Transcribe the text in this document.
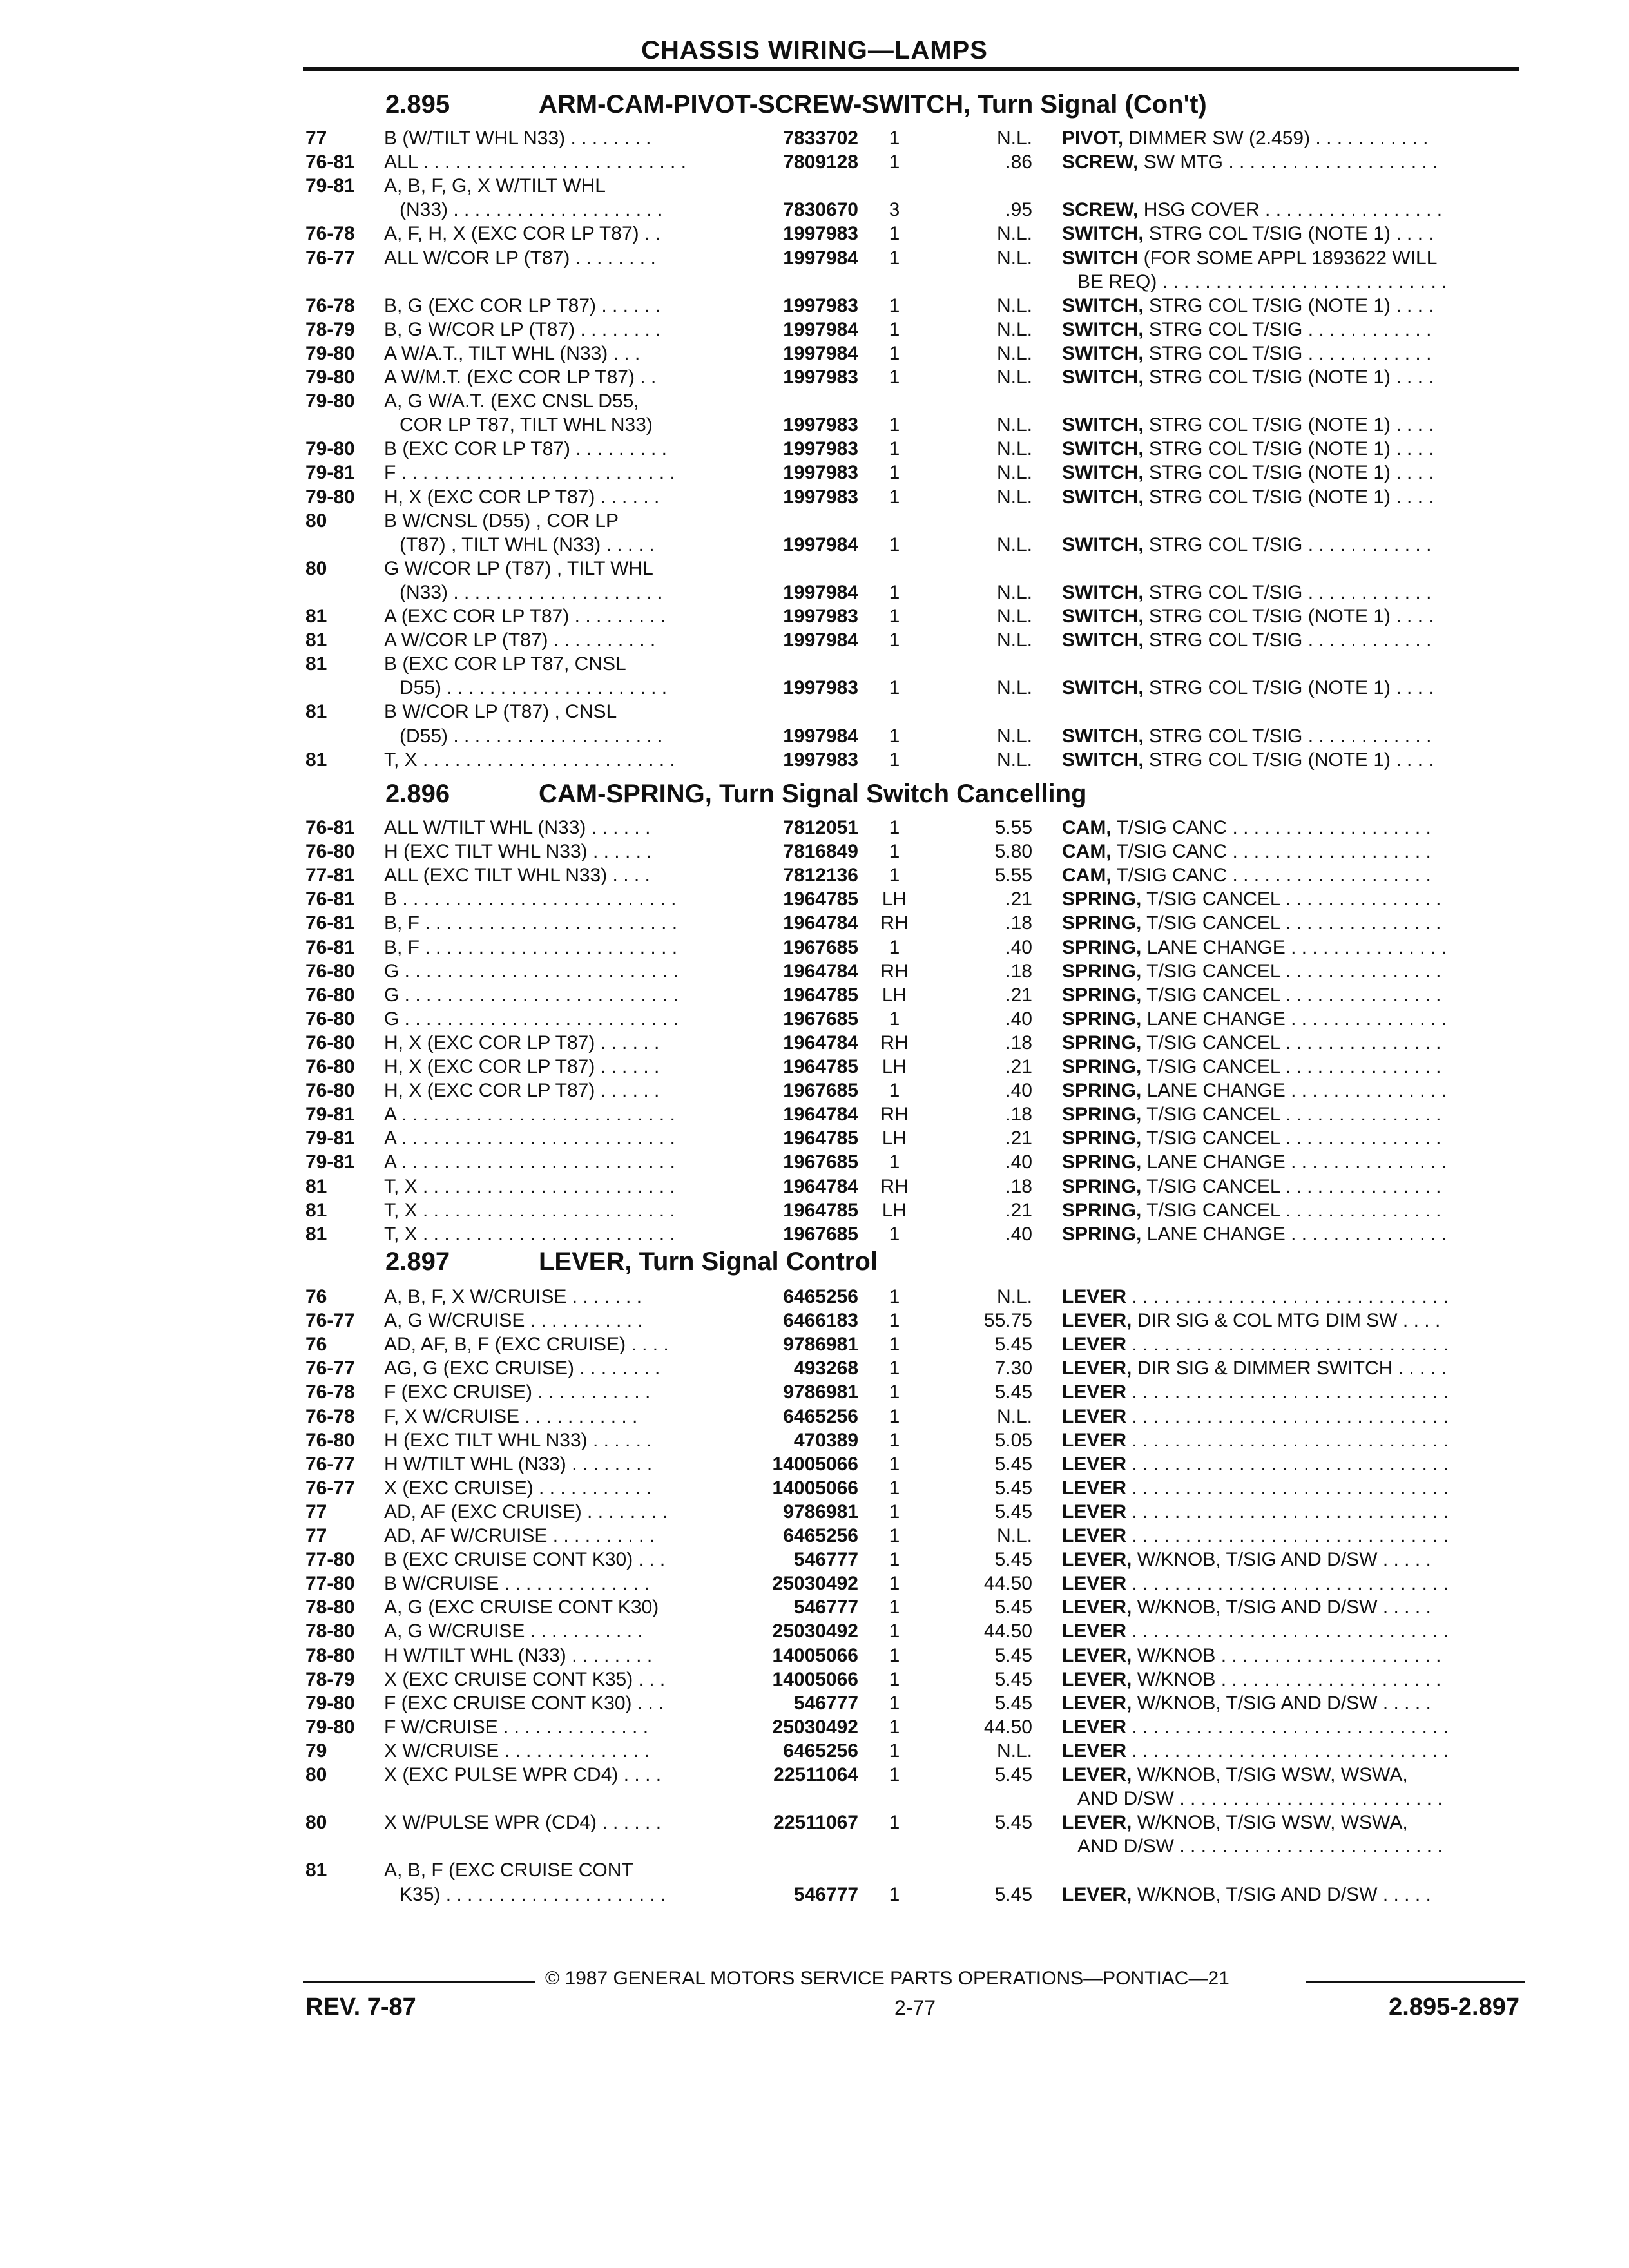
CHASSIS WIRING—LAMPS
2.895	ARM-CAM-PIVOT-SCREW-SWITCH, Turn Signal (Con't)
77	B (W/TILT WHL N33) . . . . . . . .	7833702	1	N.L. PIVOT, DIMMER SW (2.459) . . . . . . . . . . .
76-81 ALL . . . . . . . . . . . . . . . . . . . . . . . . .	7809128	1	.86 SCREW, SW MTG . . . . . . . . . . . . . . . . . . . .
79-81 A, B, F, G, X W/TILT WHL
(N33) . . . . . . . . . . . . . . . . . . . .	7830670	3	.95 SCREW, HSG COVER . . . . . . . . . . . . . . . . .
76-78 A, F, H, X (EXC COR LP T87) . .	1997983	1	N.L. SWITCH, STRG COL T/SIG (NOTE 1) . . . .
76-77 ALL W/COR LP (T87) . . . . . . . .	1997984	1	N.L. SWITCH (FOR SOME APPL 1893622 WILL
BE REQ) . . . . . . . . . . . . . . . . . . . . . . . . . . .
76-78 B, G (EXC COR LP T87) . . . . . .	1997983	1	N.L. SWITCH, STRG COL T/SIG (NOTE 1) . . . .
78-79 B, G W/COR LP (T87) . . . . . . . .	1997984	1	N.L. SWITCH, STRG COL T/SIG . . . . . . . . . . . .
79-80 A W/A.T., TILT WHL (N33) . . .	1997984	1	N.L. SWITCH, STRG COL T/SIG . . . . . . . . . . . .
79-80 A W/M.T. (EXC COR LP T87) . .	1997983	1	N.L. SWITCH, STRG COL T/SIG (NOTE 1) . . . .
79-80 A, G W/A.T. (EXC CNSL D55,
COR LP T87, TILT WHL N33)	1997983	1	N.L. SWITCH, STRG COL T/SIG (NOTE 1) . . . .
79-80 B (EXC COR LP T87) . . . . . . . . .	1997983	1	N.L. SWITCH, STRG COL T/SIG (NOTE 1) . . . .
79-81 F . . . . . . . . . . . . . . . . . . . . . . . . . .	1997983	1	N.L. SWITCH, STRG COL T/SIG (NOTE 1) . . . .
79-80 H, X (EXC COR LP T87) . . . . . .	1997983	1	N.L. SWITCH, STRG COL T/SIG (NOTE 1) . . . .
80	B W/CNSL (D55) , COR LP
(T87) , TILT WHL (N33) . . . . .	1997984	1	N.L. SWITCH, STRG COL T/SIG . . . . . . . . . . . .
80	G W/COR LP (T87) , TILT WHL
(N33) . . . . . . . . . . . . . . . . . . . .	1997984	1	N.L. SWITCH, STRG COL T/SIG . . . . . . . . . . . .
81	A (EXC COR LP T87) . . . . . . . . .	1997983	1	N.L. SWITCH, STRG COL T/SIG (NOTE 1) . . . .
81	A W/COR LP (T87) . . . . . . . . . .	1997984	1	N.L. SWITCH, STRG COL T/SIG . . . . . . . . . . . .
81	B (EXC COR LP T87, CNSL
D55) . . . . . . . . . . . . . . . . . . . . .	1997983	1	N.L. SWITCH, STRG COL T/SIG (NOTE 1) . . . .
81	B W/COR LP (T87) , CNSL
(D55) . . . . . . . . . . . . . . . . . . . .	1997984	1	N.L. SWITCH, STRG COL T/SIG . . . . . . . . . . . .
81	T, X . . . . . . . . . . . . . . . . . . . . . . . .	1997983	1	N.L. SWITCH, STRG COL T/SIG (NOTE 1) . . . .
2.896	CAM-SPRING, Turn Signal Switch Cancelling
76-81 ALL W/TILT WHL (N33) . . . . . .	7812051	1	5.55 CAM, T/SIG CANC . . . . . . . . . . . . . . . . . . .
76-80 H (EXC TILT WHL N33) . . . . . .	7816849	1	5.80 CAM, T/SIG CANC . . . . . . . . . . . . . . . . . . .
77-81 ALL (EXC TILT WHL N33) . . . .	7812136	1	5.55 CAM, T/SIG CANC . . . . . . . . . . . . . . . . . . .
76-81 B . . . . . . . . . . . . . . . . . . . . . . . . . .	1964785	LH	.21 SPRING, T/SIG CANCEL . . . . . . . . . . . . . . .
76-81 B, F . . . . . . . . . . . . . . . . . . . . . . . .	1964784	RH	.18 SPRING, T/SIG CANCEL . . . . . . . . . . . . . . .
76-81 B, F . . . . . . . . . . . . . . . . . . . . . . . .	1967685	1	.40 SPRING, LANE CHANGE . . . . . . . . . . . . . . .
76-80 G . . . . . . . . . . . . . . . . . . . . . . . . . .	1964784	RH	.18 SPRING, T/SIG CANCEL . . . . . . . . . . . . . . .
76-80 G . . . . . . . . . . . . . . . . . . . . . . . . . .	1964785	LH	.21 SPRING, T/SIG CANCEL . . . . . . . . . . . . . . .
76-80 G . . . . . . . . . . . . . . . . . . . . . . . . . .	1967685	1	.40 SPRING, LANE CHANGE . . . . . . . . . . . . . . .
76-80 H, X (EXC COR LP T87) . . . . . .	1964784	RH	.18 SPRING, T/SIG CANCEL . . . . . . . . . . . . . . .
76-80 H, X (EXC COR LP T87) . . . . . .	1964785	LH	.21 SPRING, T/SIG CANCEL . . . . . . . . . . . . . . .
76-80 H, X (EXC COR LP T87) . . . . . .	1967685	1	.40 SPRING, LANE CHANGE . . . . . . . . . . . . . . .
79-81 A . . . . . . . . . . . . . . . . . . . . . . . . . .	1964784	RH	.18 SPRING, T/SIG CANCEL . . . . . . . . . . . . . . .
79-81 A . . . . . . . . . . . . . . . . . . . . . . . . . .	1964785	LH	.21 SPRING, T/SIG CANCEL . . . . . . . . . . . . . . .
79-81 A . . . . . . . . . . . . . . . . . . . . . . . . . .	1967685	1	.40 SPRING, LANE CHANGE . . . . . . . . . . . . . . .
81	T, X . . . . . . . . . . . . . . . . . . . . . . . .	1964784	RH	.18 SPRING, T/SIG CANCEL . . . . . . . . . . . . . . .
81	T, X . . . . . . . . . . . . . . . . . . . . . . . .	1964785	LH	.21 SPRING, T/SIG CANCEL . . . . . . . . . . . . . . .
81	T, X . . . . . . . . . . . . . . . . . . . . . . . .	1967685	1	.40 SPRING, LANE CHANGE . . . . . . . . . . . . . . .
2.897	LEVER, Turn Signal Control
76	A, B, F, X W/CRUISE . . . . . . .	6465256	1	N.L. LEVER . . . . . . . . . . . . . . . . . . . . . . . . . . . . . .
76-77 A, G W/CRUISE . . . . . . . . . . .	6466183	1	55.75 LEVER, DIR SIG & COL MTG DIM SW . . . .
76	AD, AF, B, F (EXC CRUISE) . . . .	9786981	1	5.45 LEVER . . . . . . . . . . . . . . . . . . . . . . . . . . . . . .
76-77 AG, G (EXC CRUISE) . . . . . . . .	493268	1	7.30 LEVER, DIR SIG & DIMMER SWITCH . . . . .
76-78 F (EXC CRUISE) . . . . . . . . . . .	9786981	1	5.45 LEVER . . . . . . . . . . . . . . . . . . . . . . . . . . . . . .
76-78 F, X W/CRUISE . . . . . . . . . . .	6465256	1	N.L. LEVER . . . . . . . . . . . . . . . . . . . . . . . . . . . . . .
76-80 H (EXC TILT WHL N33) . . . . . .	470389	1	5.05 LEVER . . . . . . . . . . . . . . . . . . . . . . . . . . . . . .
76-77 H W/TILT WHL (N33) . . . . . . . .	14005066	1	5.45 LEVER . . . . . . . . . . . . . . . . . . . . . . . . . . . . . .
76-77 X (EXC CRUISE) . . . . . . . . . . .	14005066	1	5.45 LEVER . . . . . . . . . . . . . . . . . . . . . . . . . . . . . .
77	AD, AF (EXC CRUISE) . . . . . . . .	9786981	1	5.45 LEVER . . . . . . . . . . . . . . . . . . . . . . . . . . . . . .
77	AD, AF W/CRUISE . . . . . . . . . .	6465256	1	N.L. LEVER . . . . . . . . . . . . . . . . . . . . . . . . . . . . . .
77-80 B (EXC CRUISE CONT K30) . . .	546777	1	5.45 LEVER, W/KNOB, T/SIG AND D/SW . . . . .
77-80 B W/CRUISE . . . . . . . . . . . . . .	25030492	1	44.50 LEVER . . . . . . . . . . . . . . . . . . . . . . . . . . . . . .
78-80 A, G (EXC CRUISE CONT K30)	546777	1	5.45 LEVER, W/KNOB, T/SIG AND D/SW . . . . .
78-80 A, G W/CRUISE . . . . . . . . . . .	25030492	1	44.50 LEVER . . . . . . . . . . . . . . . . . . . . . . . . . . . . . .
78-80 H W/TILT WHL (N33) . . . . . . . .	14005066	1	5.45 LEVER, W/KNOB . . . . . . . . . . . . . . . . . . . . .
78-79 X (EXC CRUISE CONT K35) . . .	14005066	1	5.45 LEVER, W/KNOB . . . . . . . . . . . . . . . . . . . . .
79-80 F (EXC CRUISE CONT K30) . . .	546777	1	5.45 LEVER, W/KNOB, T/SIG AND D/SW . . . . .
79-80 F W/CRUISE . . . . . . . . . . . . . .	25030492	1	44.50 LEVER . . . . . . . . . . . . . . . . . . . . . . . . . . . . . .
79	X W/CRUISE . . . . . . . . . . . . . .	6465256	1	N.L. LEVER . . . . . . . . . . . . . . . . . . . . . . . . . . . . . .
80	X (EXC PULSE WPR CD4) . . . .	22511064	1	5.45 LEVER, W/KNOB, T/SIG WSW, WSWA,
AND D/SW . . . . . . . . . . . . . . . . . . . . . . . . .
80	X W/PULSE WPR (CD4) . . . . . .	22511067	1	5.45 LEVER, W/KNOB, T/SIG WSW, WSWA,
AND D/SW . . . . . . . . . . . . . . . . . . . . . . . . .
81	A, B, F (EXC CRUISE CONT
K35) . . . . . . . . . . . . . . . . . . . . .	546777	1	5.45 LEVER, W/KNOB, T/SIG AND D/SW . . . . .
© 1987 GENERAL MOTORS SERVICE PARTS OPERATIONS—PONTIAC—21
REV. 7-87	2-77	2.895-2.897
